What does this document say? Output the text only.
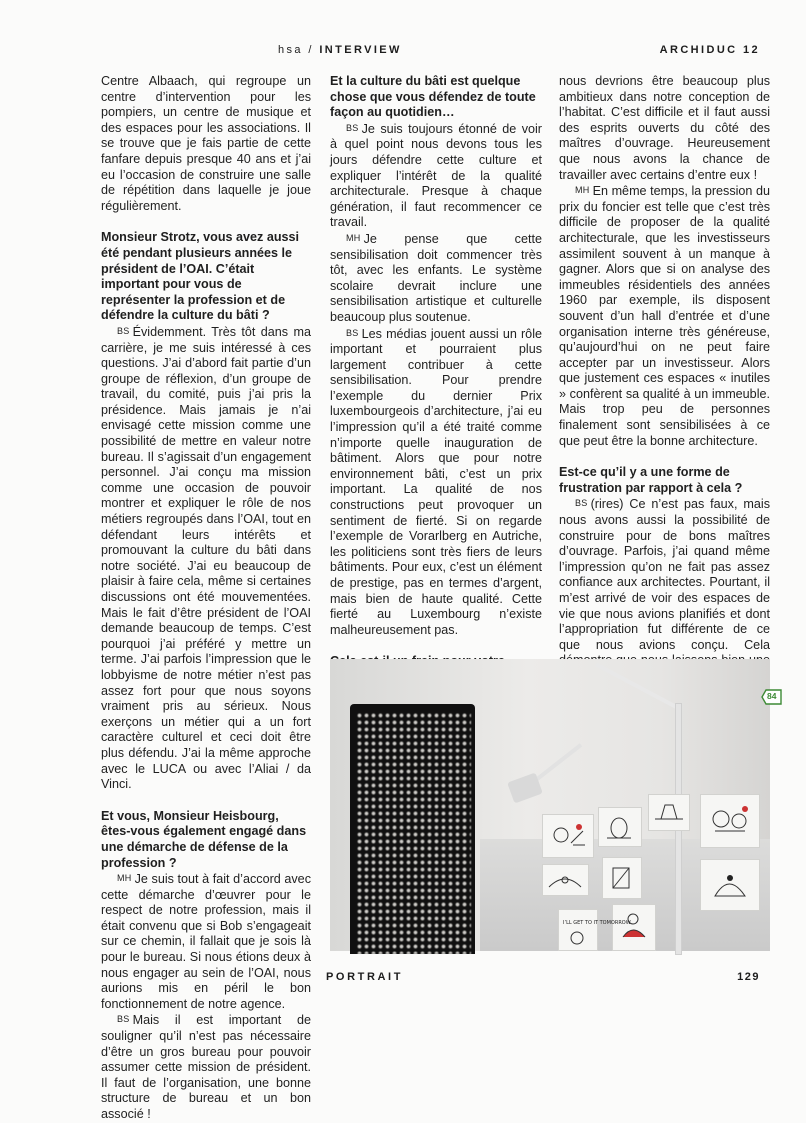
hsa / INTERVIEW	ARCHIDUC 12

Centre Albaach, qui regroupe un centre d’intervention pour les pompiers, un centre de musique et des espaces pour les associations. Il se trouve que je fais partie de cette fanfare depuis presque 40 ans et j’ai eu l’occasion de construire une salle de répétition dans laquelle je joue régulièrement.

Monsieur Strotz, vous avez aussi été pendant plusieurs années le président de l’OAI. C’était important pour vous de représenter la profession et de défendre la culture du bâti ?

BS Évidemment. Très tôt dans ma carrière, je me suis intéressé à ces questions. J’ai d’abord fait partie d’un groupe de réflexion, d’un groupe de travail, du comité, puis j’ai pris la présidence. Mais jamais je n’ai envisagé cette mission comme une possibilité de mettre en valeur notre bureau. Il s’agissait d’un engagement personnel. J’ai conçu ma mission comme une occasion de pouvoir montrer et expliquer le rôle de nos métiers regroupés dans l’OAI, tout en défendant leurs intérêts et promouvant la culture du bâti dans notre société. J’ai eu beaucoup de plaisir à faire cela, même si certaines discussions ont été mouvementées. Mais le fait d’être président de l’OAI demande beaucoup de temps. C’est pourquoi j’ai préféré y mettre un terme. J’ai parfois l’impression que le lobbyisme de notre métier n’est pas assez fort pour que nous soyons vraiment pris au sérieux. Nous exerçons un métier qui a un fort caractère culturel et ceci doit être plus défendu. J’ai la même approche avec le LUCA ou avec l’Aliai / da Vinci.

Et vous, Monsieur Heisbourg, êtes-vous également engagé dans une démarche de défense de la profession ?

MH Je suis tout à fait d’accord avec cette démarche d’œuvrer pour le respect de notre profession, mais il était convenu que si Bob s’engageait sur ce chemin, il fallait que je sois là pour le bureau. Si nous étions deux à nous engager au sein de l’OAI, nous aurions mis en péril le bon fonctionnement de notre agence.

BS Mais il est important de souligner qu’il n’est pas nécessaire d’être un gros bureau pour pouvoir assumer cette mission de président. Il faut de l’organisation, une bonne structure de bureau et un bon associé !

Et la culture du bâti est quelque chose que vous défendez de toute façon au quotidien…

BS Je suis toujours étonné de voir à quel point nous devons tous les jours défendre cette culture et expliquer l’intérêt de la qualité architecturale. Presque à chaque génération, il faut recommencer ce travail.

MH Je pense que cette sensibilisation doit commencer très tôt, avec les enfants. Le système scolaire devrait inclure une sensibilisation artistique et culturelle beaucoup plus soutenue.

BS Les médias jouent aussi un rôle important et pourraient plus largement contribuer à cette sensibilisation. Pour prendre l’exemple du dernier Prix luxembourgeois d’architecture, j’ai eu l’impression qu’il a été traité comme n’importe quelle inauguration de bâtiment. Alors que pour notre environnement bâti, c’est un prix important. La qualité de nos constructions peut provoquer un sentiment de fierté. Si on regarde l’exemple de Vorarlberg en Autriche, les politiciens sont très fiers de leurs bâtiments. Pour eux, c’est un élément de prestige, pas en termes d’argent, mais bien de haute qualité. Cette fierté au Luxembourg n’existe malheureusement pas.

nous devrions être beaucoup plus ambitieux dans notre conception de l’habitat. C’est difficile et il faut aussi des esprits ouverts du côté des maîtres d’ouvrage. Heureusement que nous avons la chance de travailler avec certains d’entre eux !

MH En même temps, la pression du prix du foncier est telle que c’est très difficile de proposer de la qualité architecturale, que les investisseurs assimilent souvent à un manque à gagner. Alors que si on analyse des immeubles résidentiels des années 1960 par exemple, ils disposent souvent d’un hall d’entrée et d’une organisation interne très généreuse, qu’aujourd’hui on ne peut faire accepter par un investisseur. Alors que justement ces espaces « inutiles » confèrent sa qualité à un immeuble. Mais trop peu de personnes finalement sont sensibilisées à ce que peut être la bonne architecture.

Est-ce qu’il y a une forme de frustration par rapport à cela ?

BS (rires) Ce n’est pas faux, mais nous avons aussi la possibilité de construire pour de bons maîtres d’ouvrage. Parfois, j’ai quand même l’impression qu’on ne fait pas assez confiance aux architectes. Pourtant, il m’est arrivé de voir des espaces de vie que nous avions planifiés et dont l’appropriation fut différente de ce que nous avions conçu. Cela

I’LL GET TO IT TOMORROW
84
PORTRAIT	129
